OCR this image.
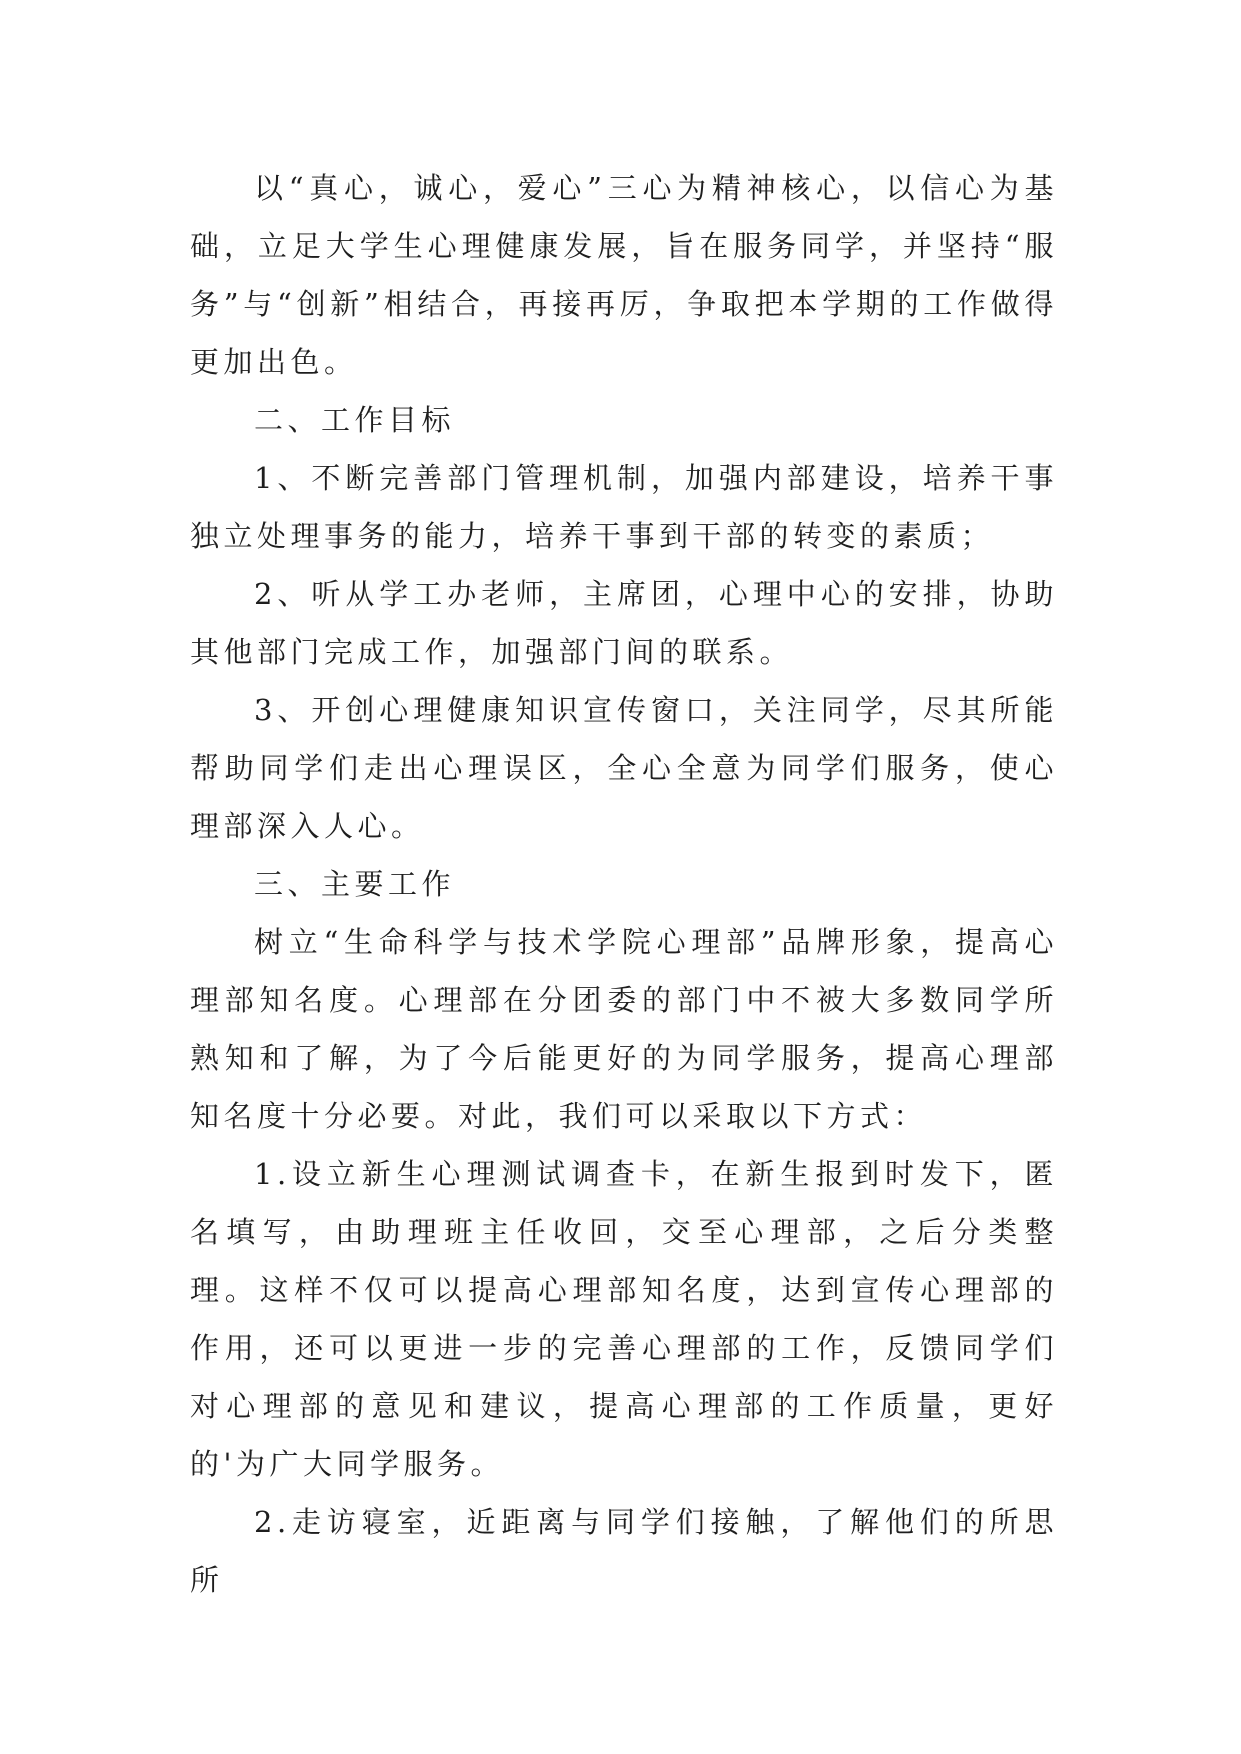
以“真心，诚心，爱心”三心为精神核心，以信心为基础，立足大学生心理健康发展，旨在服务同学，并坚持“服务”与“创新”相结合，再接再厉，争取把本学期的工作做得更加出色。

二、工作目标

1、不断完善部门管理机制，加强内部建设，培养干事独立处理事务的能力，培养干事到干部的转变的素质；

2、听从学工办老师，主席团，心理中心的安排，协助其他部门完成工作，加强部门间的联系。

3、开创心理健康知识宣传窗口，关注同学，尽其所能帮助同学们走出心理误区，全心全意为同学们服务，使心理部深入人心。

三、主要工作

树立“生命科学与技术学院心理部”品牌形象，提高心理部知名度。心理部在分团委的部门中不被大多数同学所熟知和了解，为了今后能更好的为同学服务，提高心理部知名度十分必要。对此，我们可以采取以下方式：

1.设立新生心理测试调查卡，在新生报到时发下，匿名填写，由助理班主任收回，交至心理部，之后分类整理。这样不仅可以提高心理部知名度，达到宣传心理部的作用，还可以更进一步的完善心理部的工作，反馈同学们对心理部的意见和建议，提高心理部的工作质量，更好的'为广大同学服务。

2.走访寝室，近距离与同学们接触，了解他们的所思所
